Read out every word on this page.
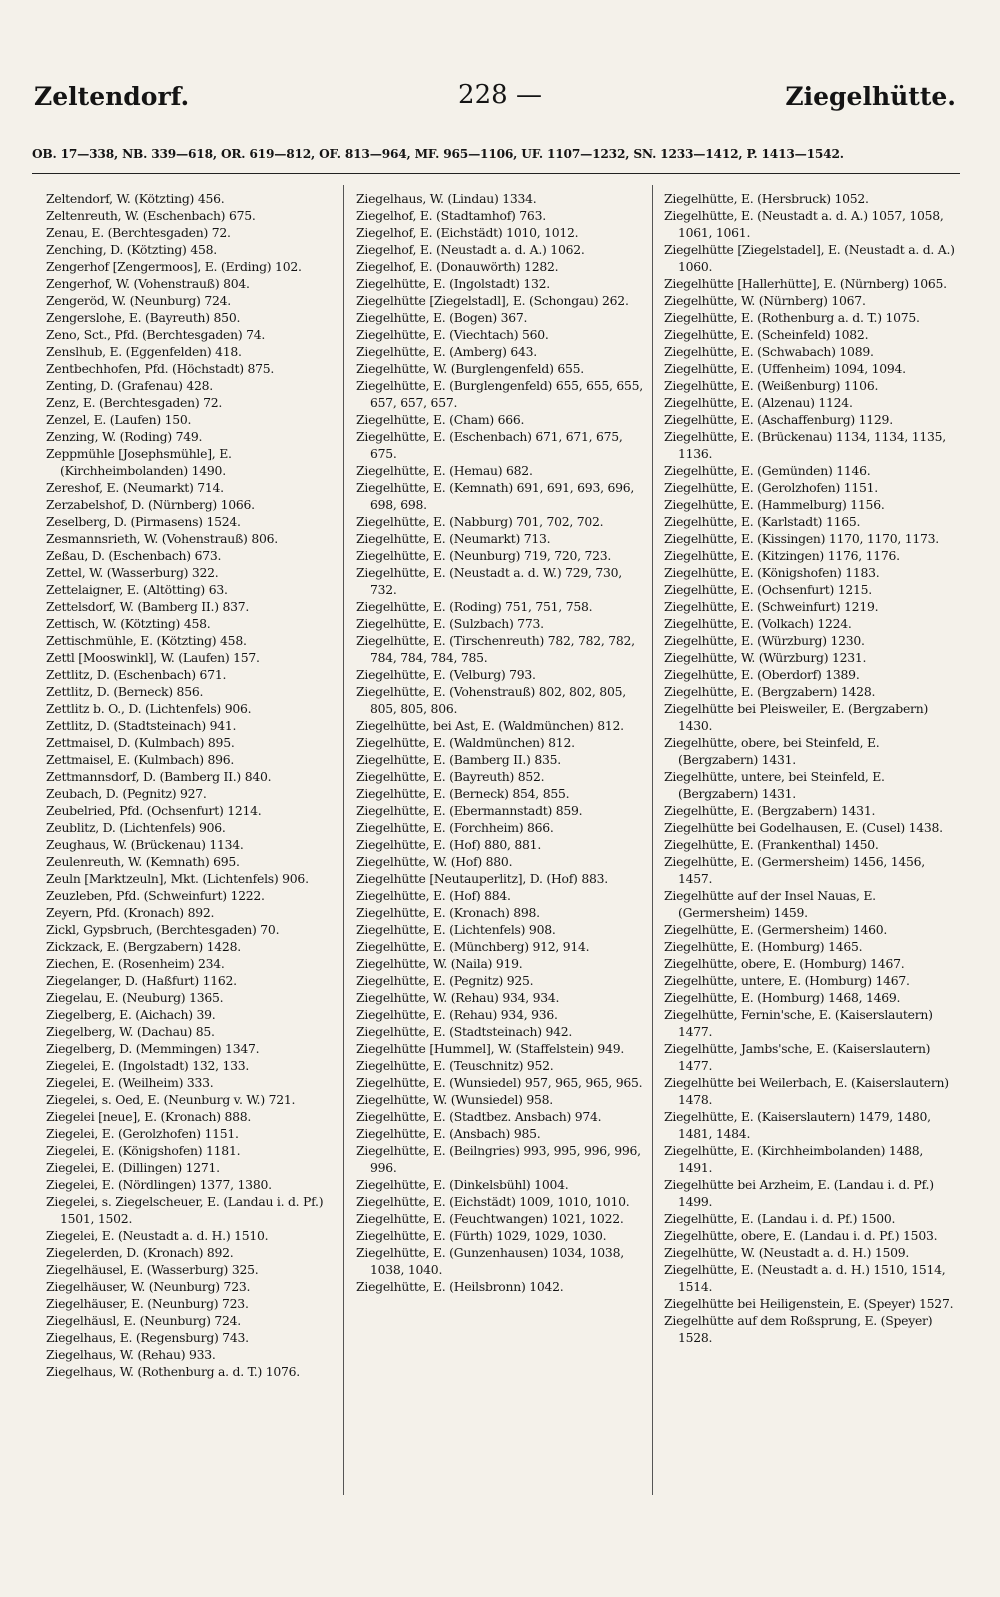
Zeltendorf.	228 —	Ziegelhütte.
OB. 17—338, NB. 339—618, OR. 619—812, OF. 813—964, MF. 965—1106, UF. 1107—1232, SN. 1233—1412, P. 1413—1542.
Zeltendorf, W. (Kötzting) 456.
Zeltenreuth, W. (Eschenbach) 675.
Zenau, E. (Berchtesgaden) 72.
Zenching, D. (Kötzting) 458.
Zengerhof [Zengermoos], E. (Erding) 102.
Zengerhof, W. (Vohenstrauß) 804.
Zengeröd, W. (Neunburg) 724.
Zengerslohe, E. (Bayreuth) 850.
Zeno, Sct., Pfd. (Berchtesgaden) 74.
Zenslhub, E. (Eggenfelden) 418.
Zentbechhofen, Pfd. (Höchstadt) 875.
Zenting, D. (Grafenau) 428.
Zenz, E. (Berchtesgaden) 72.
Zenzel, E. (Laufen) 150.
Zenzing, W. (Roding) 749.
Zeppmühle [Josephsmühle], E. (Kirchheimbolanden) 1490.
Zereshof, E. (Neumarkt) 714.
Zerzabelshof, D. (Nürnberg) 1066.
Zeselberg, D. (Pirmasens) 1524.
Zesmannsrieth, W. (Vohenstrauß) 806.
Zeßau, D. (Eschenbach) 673.
Zettel, W. (Wasserburg) 322.
Zettelaigner, E. (Altötting) 63.
Zettelsdorf, W. (Bamberg II.) 837.
Zettisch, W. (Kötzting) 458.
Zettischmühle, E. (Kötzting) 458.
Zettl [Mooswinkl], W. (Laufen) 157.
Zettlitz, D. (Eschenbach) 671.
Zettlitz, D. (Berneck) 856.
Zettlitz b. O., D. (Lichtenfels) 906.
Zettlitz, D. (Stadtsteinach) 941.
Zettmaisel, D. (Kulmbach) 895.
Zettmaisel, E. (Kulmbach) 896.
Zettmannsdorf, D. (Bamberg II.) 840.
Zeubach, D. (Pegnitz) 927.
Zeubelried, Pfd. (Ochsenfurt) 1214.
Zeublitz, D. (Lichtenfels) 906.
Zeughaus, W. (Brückenau) 1134.
Zeulenreuth, W. (Kemnath) 695.
Zeuln [Marktzeuln], Mkt. (Lichtenfels) 906.
Zeuzleben, Pfd. (Schweinfurt) 1222.
Zeyern, Pfd. (Kronach) 892.
Zickl, Gypsbruch, (Berchtesgaden) 70.
Zickzack, E. (Bergzabern) 1428.
Ziechen, E. (Rosenheim) 234.
Ziegelanger, D. (Haßfurt) 1162.
Ziegelau, E. (Neuburg) 1365.
Ziegelberg, E. (Aichach) 39.
Ziegelberg, W. (Dachau) 85.
Ziegelberg, D. (Memmingen) 1347.
Ziegelei, E. (Ingolstadt) 132, 133.
Ziegelei, E. (Weilheim) 333.
Ziegelei, s. Oed, E. (Neunburg v. W.) 721.
Ziegelei [neue], E. (Kronach) 888.
Ziegelei, E. (Gerolzhofen) 1151.
Ziegelei, E. (Königshofen) 1181.
Ziegelei, E. (Dillingen) 1271.
Ziegelei, E. (Nördlingen) 1377, 1380.
Ziegelei, s. Ziegelscheuer, E. (Landau i. d. Pf.) 1501, 1502.
Ziegelei, E. (Neustadt a. d. H.) 1510.
Ziegelerden, D. (Kronach) 892.
Ziegelhäusel, E. (Wasserburg) 325.
Ziegelhäuser, W. (Neunburg) 723.
Ziegelhäuser, E. (Neunburg) 723.
Ziegelhäusl, E. (Neunburg) 724.
Ziegelhaus, E. (Regensburg) 743.
Ziegelhaus, W. (Rehau) 933.
Ziegelhaus, W. (Rothenburg a. d. T.) 1076.
Ziegelhaus, W. (Lindau) 1334.
Ziegelhof, E. (Stadtamhof) 763.
Ziegelhof, E. (Eichstädt) 1010, 1012.
Ziegelhof, E. (Neustadt a. d. A.) 1062.
Ziegelhof, E. (Donauwörth) 1282.
Ziegelhütte, E. (Ingolstadt) 132.
Ziegelhütte [Ziegelstadl], E. (Schongau) 262.
Ziegelhütte, E. (Bogen) 367.
Ziegelhütte, E. (Viechtach) 560.
Ziegelhütte, E. (Amberg) 643.
Ziegelhütte, W. (Burglengenfeld) 655.
Ziegelhütte, E. (Burglengenfeld) 655, 655, 655, 657, 657, 657.
Ziegelhütte, E. (Cham) 666.
Ziegelhütte, E. (Eschenbach) 671, 671, 675, 675.
Ziegelhütte, E. (Hemau) 682.
Ziegelhütte, E. (Kemnath) 691, 691, 693, 696, 698, 698.
Ziegelhütte, E. (Nabburg) 701, 702, 702.
Ziegelhütte, E. (Neumarkt) 713.
Ziegelhütte, E. (Neunburg) 719, 720, 723.
Ziegelhütte, E. (Neustadt a. d. W.) 729, 730, 732.
Ziegelhütte, E. (Roding) 751, 751, 758.
Ziegelhütte, E. (Sulzbach) 773.
Ziegelhütte, E. (Tirschenreuth) 782, 782, 782, 784, 784, 784, 785.
Ziegelhütte, E. (Velburg) 793.
Ziegelhütte, E. (Vohenstrauß) 802, 802, 805, 805, 805, 806.
Ziegelhütte, bei Ast, E. (Waldmünchen) 812.
Ziegelhütte, E. (Waldmünchen) 812.
Ziegelhütte, E. (Bamberg II.) 835.
Ziegelhütte, E. (Bayreuth) 852.
Ziegelhütte, E. (Berneck) 854, 855.
Ziegelhütte, E. (Ebermannstadt) 859.
Ziegelhütte, E. (Forchheim) 866.
Ziegelhütte, E. (Hof) 880, 881.
Ziegelhütte, W. (Hof) 880.
Ziegelhütte [Neutauperlitz], D. (Hof) 883.
Ziegelhütte, E. (Hof) 884.
Ziegelhütte, E. (Kronach) 898.
Ziegelhütte, E. (Lichtenfels) 908.
Ziegelhütte, E. (Münchberg) 912, 914.
Ziegelhütte, W. (Naila) 919.
Ziegelhütte, E. (Pegnitz) 925.
Ziegelhütte, W. (Rehau) 934, 934.
Ziegelhütte, E. (Rehau) 934, 936.
Ziegelhütte, E. (Stadtsteinach) 942.
Ziegelhütte [Hummel], W. (Staffelstein) 949.
Ziegelhütte, E. (Teuschnitz) 952.
Ziegelhütte, E. (Wunsiedel) 957, 965, 965, 965.
Ziegelhütte, W. (Wunsiedel) 958.
Ziegelhütte, E. (Stadtbez. Ansbach) 974.
Ziegelhütte, E. (Ansbach) 985.
Ziegelhütte, E. (Beilngries) 993, 995, 996, 996, 996.
Ziegelhütte, E. (Dinkelsbühl) 1004.
Ziegelhütte, E. (Eichstädt) 1009, 1010, 1010.
Ziegelhütte, E. (Feuchtwangen) 1021, 1022.
Ziegelhütte, E. (Fürth) 1029, 1029, 1030.
Ziegelhütte, E. (Gunzenhausen) 1034, 1038, 1038, 1040.
Ziegelhütte, E. (Heilsbronn) 1042.
Ziegelhütte, E. (Hersbruck) 1052.
Ziegelhütte, E. (Neustadt a. d. A.) 1057, 1058, 1061, 1061.
Ziegelhütte [Ziegelstadel], E. (Neustadt a. d. A.) 1060.
Ziegelhütte [Hallerhütte], E. (Nürnberg) 1065.
Ziegelhütte, W. (Nürnberg) 1067.
Ziegelhütte, E. (Rothenburg a. d. T.) 1075.
Ziegelhütte, E. (Scheinfeld) 1082.
Ziegelhütte, E. (Schwabach) 1089.
Ziegelhütte, E. (Uffenheim) 1094, 1094.
Ziegelhütte, E. (Weißenburg) 1106.
Ziegelhütte, E. (Alzenau) 1124.
Ziegelhütte, E. (Aschaffenburg) 1129.
Ziegelhütte, E. (Brückenau) 1134, 1134, 1135, 1136.
Ziegelhütte, E. (Gemünden) 1146.
Ziegelhütte, E. (Gerolzhofen) 1151.
Ziegelhütte, E. (Hammelburg) 1156.
Ziegelhütte, E. (Karlstadt) 1165.
Ziegelhütte, E. (Kissingen) 1170, 1170, 1173.
Ziegelhütte, E. (Kitzingen) 1176, 1176.
Ziegelhütte, E. (Königshofen) 1183.
Ziegelhütte, E. (Ochsenfurt) 1215.
Ziegelhütte, E. (Schweinfurt) 1219.
Ziegelhütte, E. (Volkach) 1224.
Ziegelhütte, E. (Würzburg) 1230.
Ziegelhütte, W. (Würzburg) 1231.
Ziegelhütte, E. (Oberdorf) 1389.
Ziegelhütte, E. (Bergzabern) 1428.
Ziegelhütte bei Pleisweiler, E. (Bergzabern) 1430.
Ziegelhütte, obere, bei Steinfeld, E. (Bergzabern) 1431.
Ziegelhütte, untere, bei Steinfeld, E. (Bergzabern) 1431.
Ziegelhütte, E. (Bergzabern) 1431.
Ziegelhütte bei Godelhausen, E. (Cusel) 1438.
Ziegelhütte, E. (Frankenthal) 1450.
Ziegelhütte, E. (Germersheim) 1456, 1456, 1457.
Ziegelhütte auf der Insel Nauas, E. (Germersheim) 1459.
Ziegelhütte, E. (Germersheim) 1460.
Ziegelhütte, E. (Homburg) 1465.
Ziegelhütte, obere, E. (Homburg) 1467.
Ziegelhütte, untere, E. (Homburg) 1467.
Ziegelhütte, E. (Homburg) 1468, 1469.
Ziegelhütte, Fernin'sche, E. (Kaiserslautern) 1477.
Ziegelhütte, Jambs'sche, E. (Kaiserslautern) 1477.
Ziegelhütte bei Weilerbach, E. (Kaiserslautern) 1478.
Ziegelhütte, E. (Kaiserslautern) 1479, 1480, 1481, 1484.
Ziegelhütte, E. (Kirchheimbolanden) 1488, 1491.
Ziegelhütte bei Arzheim, E. (Landau i. d. Pf.) 1499.
Ziegelhütte, E. (Landau i. d. Pf.) 1500.
Ziegelhütte, obere, E. (Landau i. d. Pf.) 1503.
Ziegelhütte, W. (Neustadt a. d. H.) 1509.
Ziegelhütte, E. (Neustadt a. d. H.) 1510, 1514, 1514.
Ziegelhütte bei Heiligenstein, E. (Speyer) 1527.
Ziegelhütte auf dem Roßsprung, E. (Speyer) 1528.
